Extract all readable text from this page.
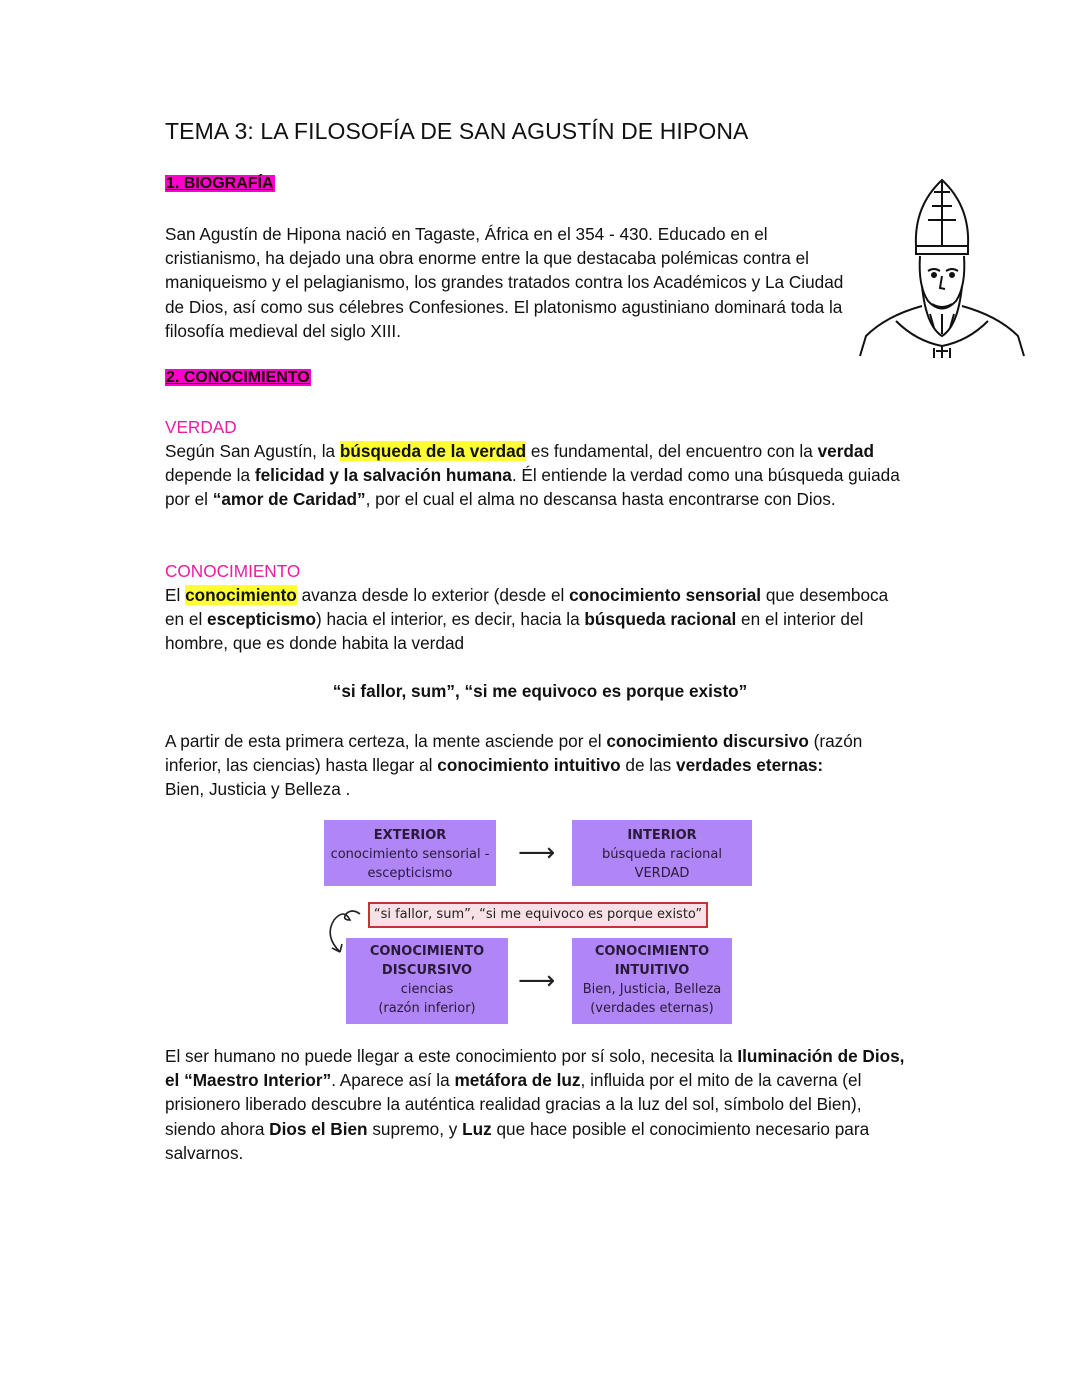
TEMA 3: LA FILOSOFÍA DE SAN AGUSTÍN DE HIPONA
1. BIOGRAFÍA

San Agustín de Hipona nació en Tagaste, África en el 354 - 430. Educado en el cristianismo, ha dejado una obra enorme entre la que destacaba polémicas contra el maniqueismo y el pelagianismo, los grandes tratados contra los Académicos y La Ciudad de Dios, así como sus célebres Confesiones. El platonismo agustiniano dominará toda la filosofía medieval del siglo XIII.

2. CONOCIMIENTO
VERDAD

Según San Agustín, la búsqueda de la verdad es fundamental, del encuentro con la verdad depende la felicidad y la salvación humana. Él entiende la verdad como una búsqueda guiada por el “amor de Caridad”, por el cual el alma no descansa hasta encontrarse con Dios.

CONOCIMIENTO

El conocimiento avanza desde lo exterior (desde el conocimiento sensorial que desemboca en el escepticismo) hacia el interior, es decir, hacia la búsqueda racional en el interior del hombre, que es donde habita la verdad

“si fallor, sum”, “si me equivoco es porque existo”

A partir de esta primera certeza, la mente asciende por el conocimiento discursivo (razón inferior, las ciencias) hasta llegar al conocimiento intuitivo de las verdades eternas: Bien, Justicia y Belleza .

EXTERIOR
conocimiento sensorial -
escepticismo
⟶
INTERIOR
búsqueda racional
VERDAD
“si fallor, sum”, “si me equivoco es porque existo”
CONOCIMIENTO
DISCURSIVO
ciencias
(razón inferior)
⟶
CONOCIMIENTO
INTUITIVO
Bien, Justicia, Belleza
(verdades eternas)

El ser humano no puede llegar a este conocimiento por sí solo, necesita la Iluminación de Dios, el “Maestro Interior”. Aparece así la metáfora de luz, influida por el mito de la caverna (el prisionero liberado descubre la auténtica realidad gracias a la luz del sol, símbolo del Bien), siendo ahora Dios el Bien supremo, y Luz que hace posible el conocimiento necesario para salvarnos.
